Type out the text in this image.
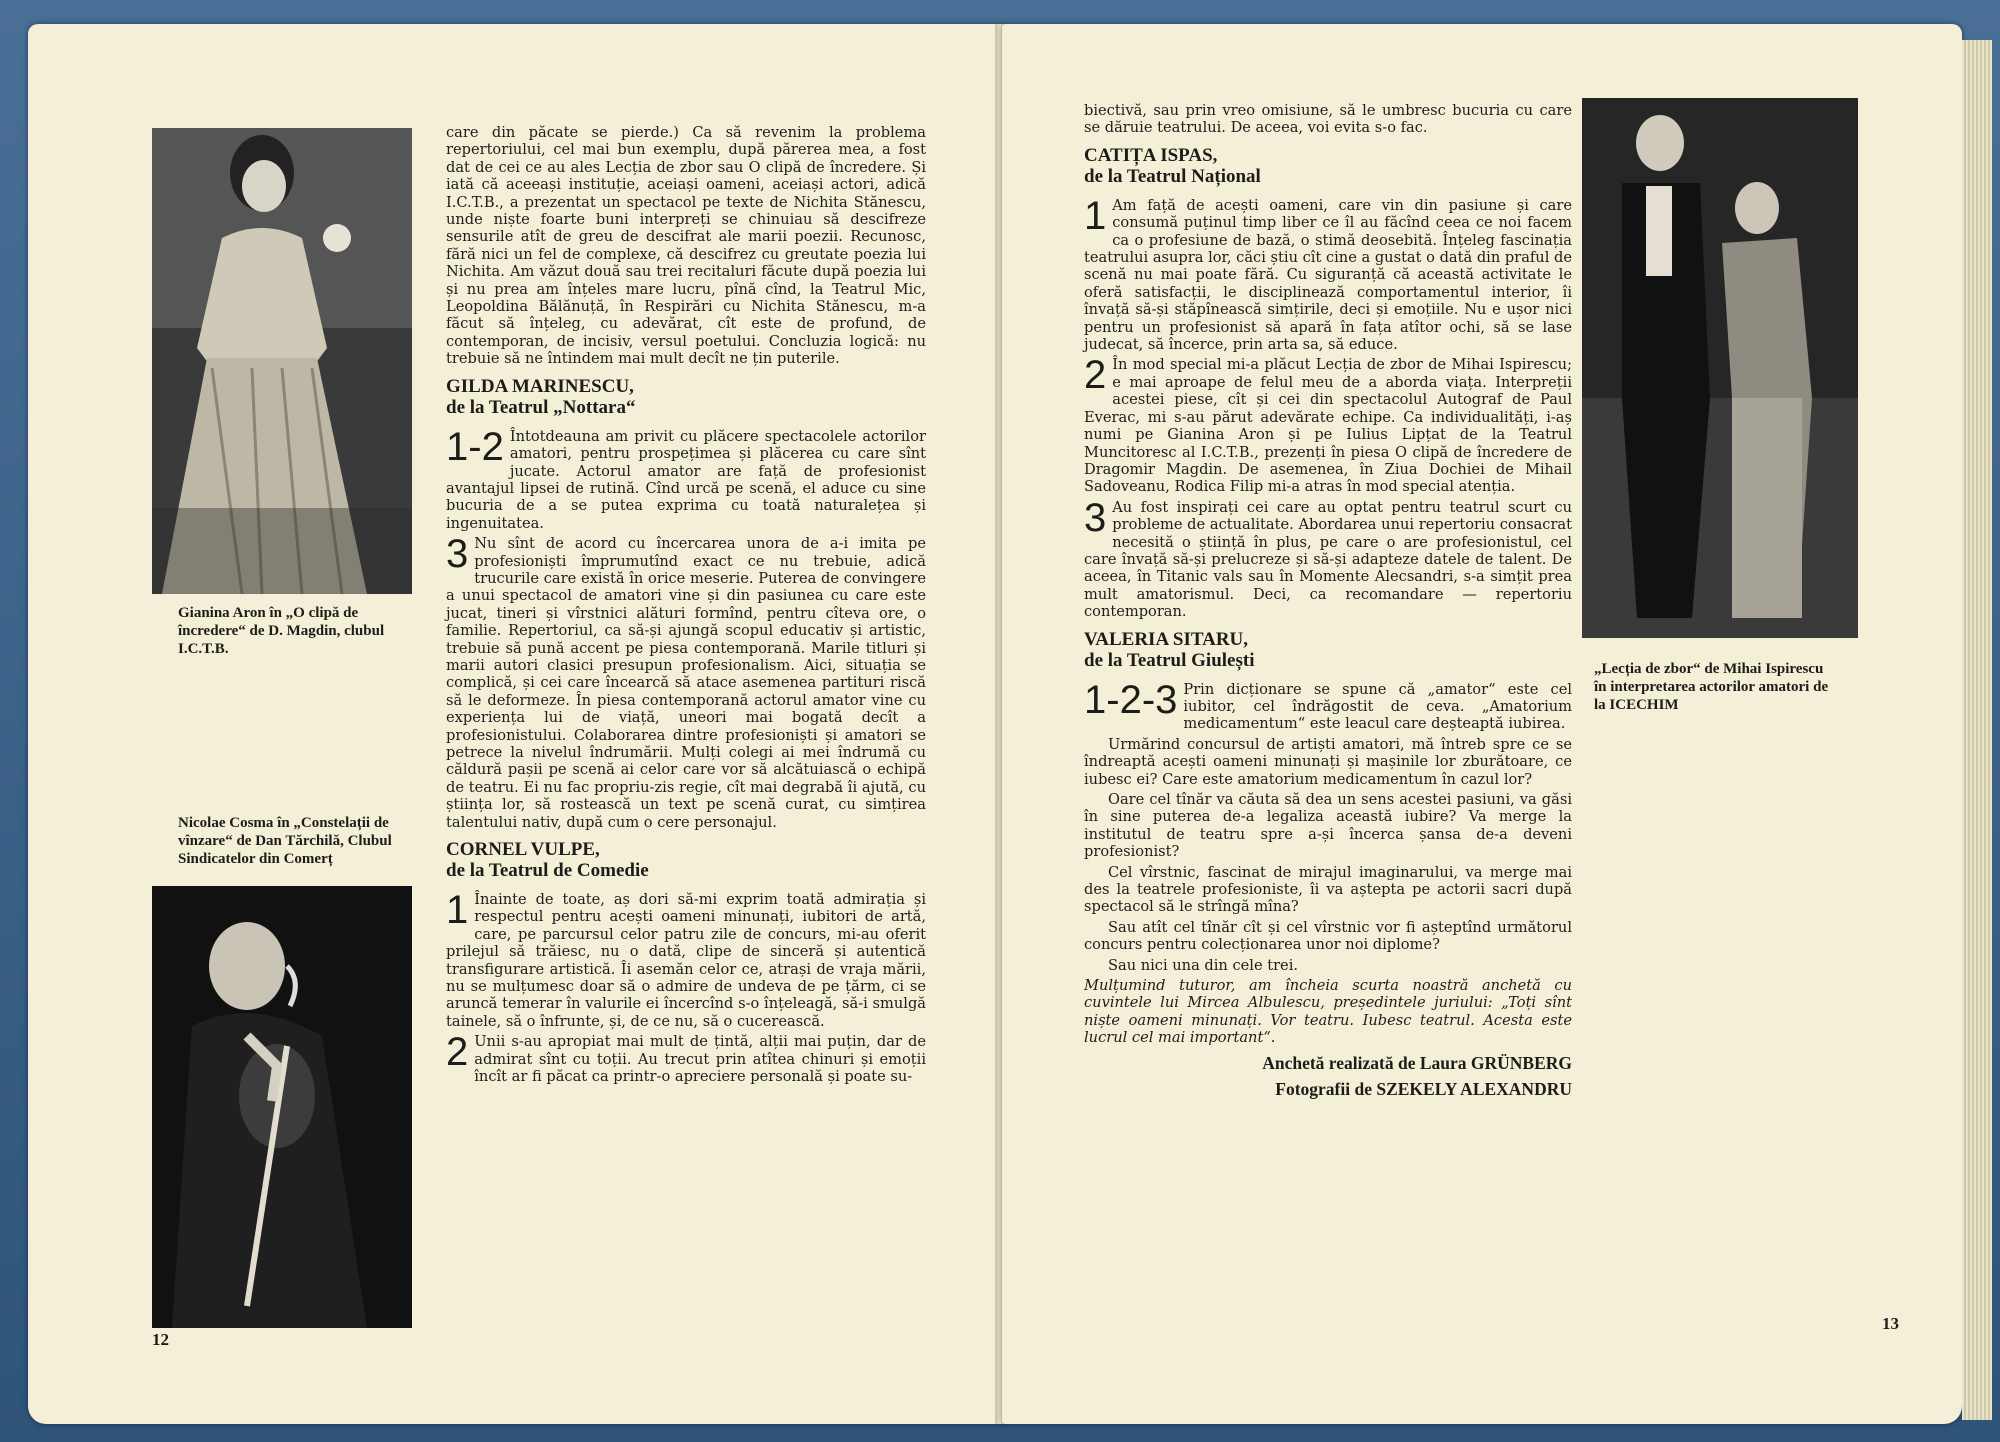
Gianina Aron în „O clipă de încredere“ de D. Magdin, clubul I.C.T.B.
Nicolae Cosma în „Constelații de vînzare“ de Dan Tărchilă, Clubul Sindicatelor din Comerț

care din păcate se pierde.) Ca să revenim la problema repertoriului, cel mai bun exemplu, după părerea mea, a fost dat de cei ce au ales Lecția de zbor sau O clipă de încredere. Și iată că aceeași instituție, aceiași oameni, aceiași actori, adică I.C.T.B., a prezentat un spectacol pe texte de Nichita Stănescu, unde niște foarte buni interpreți se chinuiau să descifreze sensurile atît de greu de descifrat ale marii poezii. Recunosc, fără nici un fel de complexe, că descifrez cu greutate poezia lui Nichita. Am văzut două sau trei recitaluri făcute după poezia lui și nu prea am înțeles mare lucru, pînă cînd, la Teatrul Mic, Leopoldina Bălănuță, în Respirări cu Nichita Stănescu, m-a făcut să înțeleg, cu adevărat, cît este de profund, de contemporan, de incisiv, versul poetului. Concluzia logică: nu trebuie să ne întindem mai mult decît ne țin puterile.

GILDA MARINESCU,
de la Teatrul „Nottara“

1-2 Întotdeauna am privit cu plăcere spectacolele actorilor amatori, pentru prospețimea și plăcerea cu care sînt jucate. Actorul amator are față de profesionist avantajul lipsei de rutină. Cînd urcă pe scenă, el aduce cu sine bucuria de a se putea exprima cu toată naturalețea și ingenuitatea.

3 Nu sînt de acord cu încercarea unora de a-i imita pe profesioniști împrumutînd exact ce nu trebuie, adică trucurile care există în orice meserie. Puterea de convingere a unui spectacol de amatori vine și din pasiunea cu care este jucat, tineri și vîrstnici alături formînd, pentru cîteva ore, o familie. Repertoriul, ca să-și ajungă scopul educativ și artistic, trebuie să pună accent pe piesa contemporană. Marile titluri și marii autori clasici presupun profesionalism. Aici, situația se complică, și cei care încearcă să atace asemenea partituri riscă să le deformeze. În piesa contemporană actorul amator vine cu experiența lui de viață, uneori mai bogată decît a profesionistului. Colaborarea dintre profesioniști și amatori se petrece la nivelul îndrumării. Mulți colegi ai mei îndrumă cu căldură pașii pe scenă ai celor care vor să alcătuiască o echipă de teatru. Ei nu fac propriu-zis regie, cît mai degrabă îi ajută, cu știința lor, să rostească un text pe scenă curat, cu simțirea talentului nativ, după cum o cere personajul.

CORNEL VULPE,
de la Teatrul de Comedie

1 Înainte de toate, aș dori să-mi exprim toată admirația și respectul pentru acești oameni minunați, iubitori de artă, care, pe parcursul celor patru zile de concurs, mi-au oferit prilejul să trăiesc, nu o dată, clipe de sinceră și autentică transfigurare artistică. Îi asemăn celor ce, atrași de vraja mării, nu se mulțumesc doar să o admire de undeva de pe țărm, ci se aruncă temerar în valurile ei încercînd s-o înțeleagă, să-i smulgă tainele, să o înfrunte, și, de ce nu, să o cucerească.

2 Unii s-au apropiat mai mult de țintă, alții mai puțin, dar de admirat sînt cu toții. Au trecut prin atîtea chinuri și emoții încît ar fi păcat ca printr-o apreciere personală și poate su-

12

biectivă, sau prin vreo omisiune, să le umbresc bucuria cu care se dăruie teatrului. De aceea, voi evita s-o fac.

CATIȚA ISPAS,
de la Teatrul Național

1 Am față de acești oameni, care vin din pasiune și care consumă puținul timp liber ce îl au făcînd ceea ce noi facem ca o profesiune de bază, o stimă deosebită. Înțeleg fascinația teatrului asupra lor, căci știu cît cine a gustat o dată din praful de scenă nu mai poate fără. Cu siguranță că această activitate le oferă satisfacții, le disciplinează comportamentul interior, îi învață să-și stăpînească simțirile, deci și emoțiile. Nu e ușor nici pentru un profesionist să apară în fața atîtor ochi, să se lase judecat, să încerce, prin arta sa, să educe.

2 În mod special mi-a plăcut Lecția de zbor de Mihai Ispirescu; e mai aproape de felul meu de a aborda viața. Interpreții acestei piese, cît și cei din spectacolul Autograf de Paul Everac, mi s-au părut adevărate echipe. Ca individualități, i-aș numi pe Gianina Aron și pe Iulius Lipțat de la Teatrul Muncitoresc al I.C.T.B., prezenți în piesa O clipă de încredere de Dragomir Magdin. De asemenea, în Ziua Dochiei de Mihail Sadoveanu, Rodica Filip mi-a atras în mod special atenția.

3 Au fost inspirați cei care au optat pentru teatrul scurt cu probleme de actualitate. Abordarea unui repertoriu consacrat necesită o știință în plus, pe care o are profesionistul, cel care învață să-și prelucreze și să-și adapteze datele de talent. De aceea, în Titanic vals sau în Momente Alecsandri, s-a simțit prea mult amatorismul. Deci, ca recomandare — repertoriu contemporan.

VALERIA SITARU,
de la Teatrul Giulești

1-2-3 Prin dicționare se spune că „amator“ este cel iubitor, cel îndrăgostit de ceva. „Amatorium medicamentum“ este leacul care deșteaptă iubirea.

Urmărind concursul de artiști amatori, mă întreb spre ce se îndreaptă acești oameni minunați și mașinile lor zburătoare, ce iubesc ei? Care este amatorium medicamentum în cazul lor?

Oare cel tînăr va căuta să dea un sens acestei pasiuni, va găsi în sine puterea de-a legaliza această iubire? Va merge la institutul de teatru spre a-și încerca șansa de-a deveni profesionist?

Cel vîrstnic, fascinat de mirajul imaginarului, va merge mai des la teatrele profesioniste, îi va aștepta pe actorii sacri după spectacol să le strîngă mîna?

Sau atît cel tînăr cît și cel vîrstnic vor fi așteptînd următorul concurs pentru colecționarea unor noi diplome?

Sau nici una din cele trei.

Mulțumind tuturor, am încheia scurta noastră anchetă cu cuvintele lui Mircea Albulescu, președintele juriului: „Toți sînt niște oameni minunați. Vor teatru. Iubesc teatrul. Acesta este lucrul cel mai important“.

Anchetă realizată de Laura GRÜNBERG
Fotografii de SZEKELY ALEXANDRU
„Lecția de zbor“ de Mihai Ispirescu în interpretarea actorilor amatori de la ICECHIM
13
